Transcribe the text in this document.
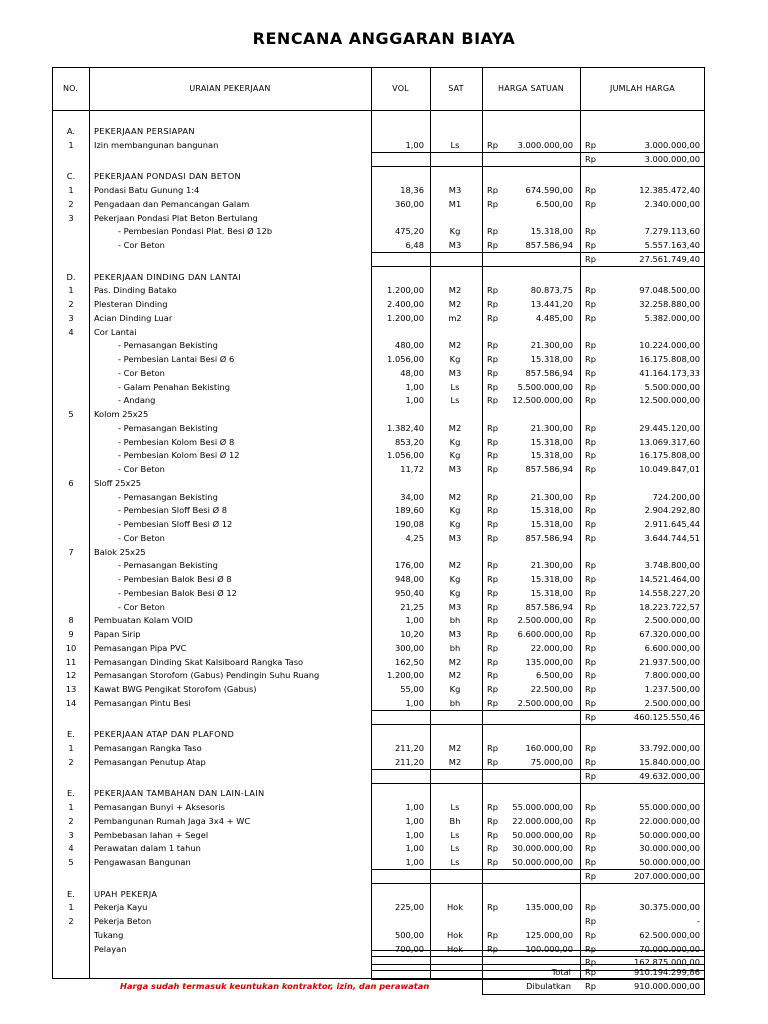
RENCANA ANGGARAN BIAYA
NO.	URAIAN PEKERJAAN	VOL	SAT	HARGA SATUAN	JUMLAH HARGA
A.	PEKERJAAN PERSIAPAN
1	Izin membangunan bangunan	1,00	Ls	Rp	3.000.000,00 Rp	3.000.000,00
Rp	3.000.000,00
C.	PEKERJAAN PONDASI DAN BETON
1	Pondasi Batu Gunung 1:4	18,36	M3	Rp	674.590,00 Rp	12.385.472,40
2	Pengadaan dan Pemancangan Galam	360,00	M1	Rp	6.500,00 Rp	2.340.000,00
3	Pekerjaan Pondasi Plat Beton Bertulang
- Pembesian Pondasi Plat. Besi Ø 12b	475,20	Kg	Rp	15.318,00 Rp	7.279.113,60
- Cor Beton	6,48	M3	Rp	857.586,94 Rp	5.557.163,40
Rp	27.561.749,40
D.	PEKERJAAN DINDING DAN LANTAI
1	Pas. Dinding Batako	1.200,00	M2	Rp	80.873,75 Rp	97.048.500,00
2	Plesteran Dinding	2.400,00	M2	Rp	13.441,20 Rp	32.258.880,00
3	Acian Dinding Luar	1.200,00	m2	Rp	4.485,00 Rp	5.382.000,00
4	Cor Lantai
- Pemasangan Bekisting	480,00	M2	Rp	21.300,00 Rp	10.224.000,00
- Pembesian Lantai Besi Ø 6	1.056,00	Kg	Rp	15.318,00 Rp	16.175.808,00
- Cor Beton	48,00	M3	Rp	857.586,94 Rp	41.164.173,33
- Galam Penahan Bekisting	1,00	Ls	Rp	5.500.000,00 Rp	5.500.000,00
- Andang	1,00	Ls	Rp	12.500.000,00 Rp	12.500.000,00
5	Kolom 25x25
- Pemasangan Bekisting	1.382,40	M2	Rp	21.300,00 Rp	29.445.120,00
- Pembesian Kolom Besi Ø 8	853,20	Kg	Rp	15.318,00 Rp	13.069.317,60
- Pembesian Kolom Besi Ø 12	1.056,00	Kg	Rp	15.318,00 Rp	16.175.808,00
- Cor Beton	11,72	M3	Rp	857.586,94 Rp	10.049.847,01
6	Sloff 25x25
- Pemasangan Bekisting	34,00	M2	Rp	21.300,00 Rp	724.200,00
- Pembesian Sloff Besi Ø 8	189,60	Kg	Rp	15.318,00 Rp	2.904.292,80
- Pembesian Sloff Besi Ø 12	190,08	Kg	Rp	15.318,00 Rp	2.911.645,44
- Cor Beton	4,25	M3	Rp	857.586,94 Rp	3.644.744,51
7	Balok 25x25
- Pemasangan Bekisting	176,00	M2	Rp	21.300,00 Rp	3.748.800,00
- Pembesian Balok Besi Ø 8	948,00	Kg	Rp	15.318,00 Rp	14.521.464,00
- Pembesian Balok Besi Ø 12	950,40	Kg	Rp	15.318,00 Rp	14.558.227,20
- Cor Beton	21,25	M3	Rp	857.586,94 Rp	18.223.722,57
8	Pembuatan Kolam VOID	1,00	bh	Rp	2.500.000,00 Rp	2.500.000,00
9	Papan Sirip	10,20	M3	Rp	6.600.000,00 Rp	67.320.000,00
10	Pemasangan Pipa PVC	300,00	bh	Rp	22.000,00 Rp	6.600.000,00
11	Pemasangan Dinding Skat Kalsiboard Rangka Taso	162,50	M2	Rp	135.000,00 Rp	21.937.500,00
12	Pemasangan Storofom (Gabus) Pendingin Suhu Ruang	1.200,00	M2	Rp	6.500,00 Rp	7.800.000,00
13	Kawat BWG Pengikat Storofom (Gabus)	55,00	Kg	Rp	22.500,00 Rp	1.237.500,00
14	Pemasangan Pintu Besi	1,00	bh	Rp	2.500.000,00 Rp	2.500.000,00
Rp	460.125.550,46
E.	PEKERJAAN ATAP DAN PLAFOND
1	Pemasangan Rangka Taso	211,20	M2	Rp	160.000,00 Rp	33.792.000,00
2	Pemasangan Penutup Atap	211,20	M2	Rp	75.000,00 Rp	15.840.000,00
Rp	49.632.000,00
E.	PEKERJAAN TAMBAHAN DAN LAIN-LAIN
1	Pemasangan Bunyi + Aksesoris	1,00	Ls	Rp	55.000.000,00 Rp	55.000.000,00
2	Pembangunan Rumah Jaga 3x4 + WC	1,00	Bh	Rp	22.000.000,00 Rp	22.000.000,00
3	Pembebasan lahan + Segel	1,00	Ls	Rp	50.000.000,00 Rp	50.000.000,00
4	Perawatan dalam 1 tahun	1,00	Ls	Rp	30.000.000,00 Rp	30.000.000,00
5	Pengawasan Bangunan	1,00	Ls	Rp	50.000.000,00 Rp	50.000.000,00
Rp	207.000.000,00
E.	UPAH PEKERJA
1	Pekerja Kayu	225,00	Hok	Rp	135.000,00 Rp	30.375.000,00
2	Pekerja Beton	Rp	-
Tukang	500,00	Hok	Rp	125.000,00 Rp	62.500.000,00
Pelayan	700,00	Hok	Rp	100.000,00 Rp	70.000.000,00
Rp	162.875.000,00
Total Rp	910.194.299,86
Dibulatkan Rp	910.000.000,00
Harga sudah termasuk keuntukan kontraktor, izin, dan perawatan
